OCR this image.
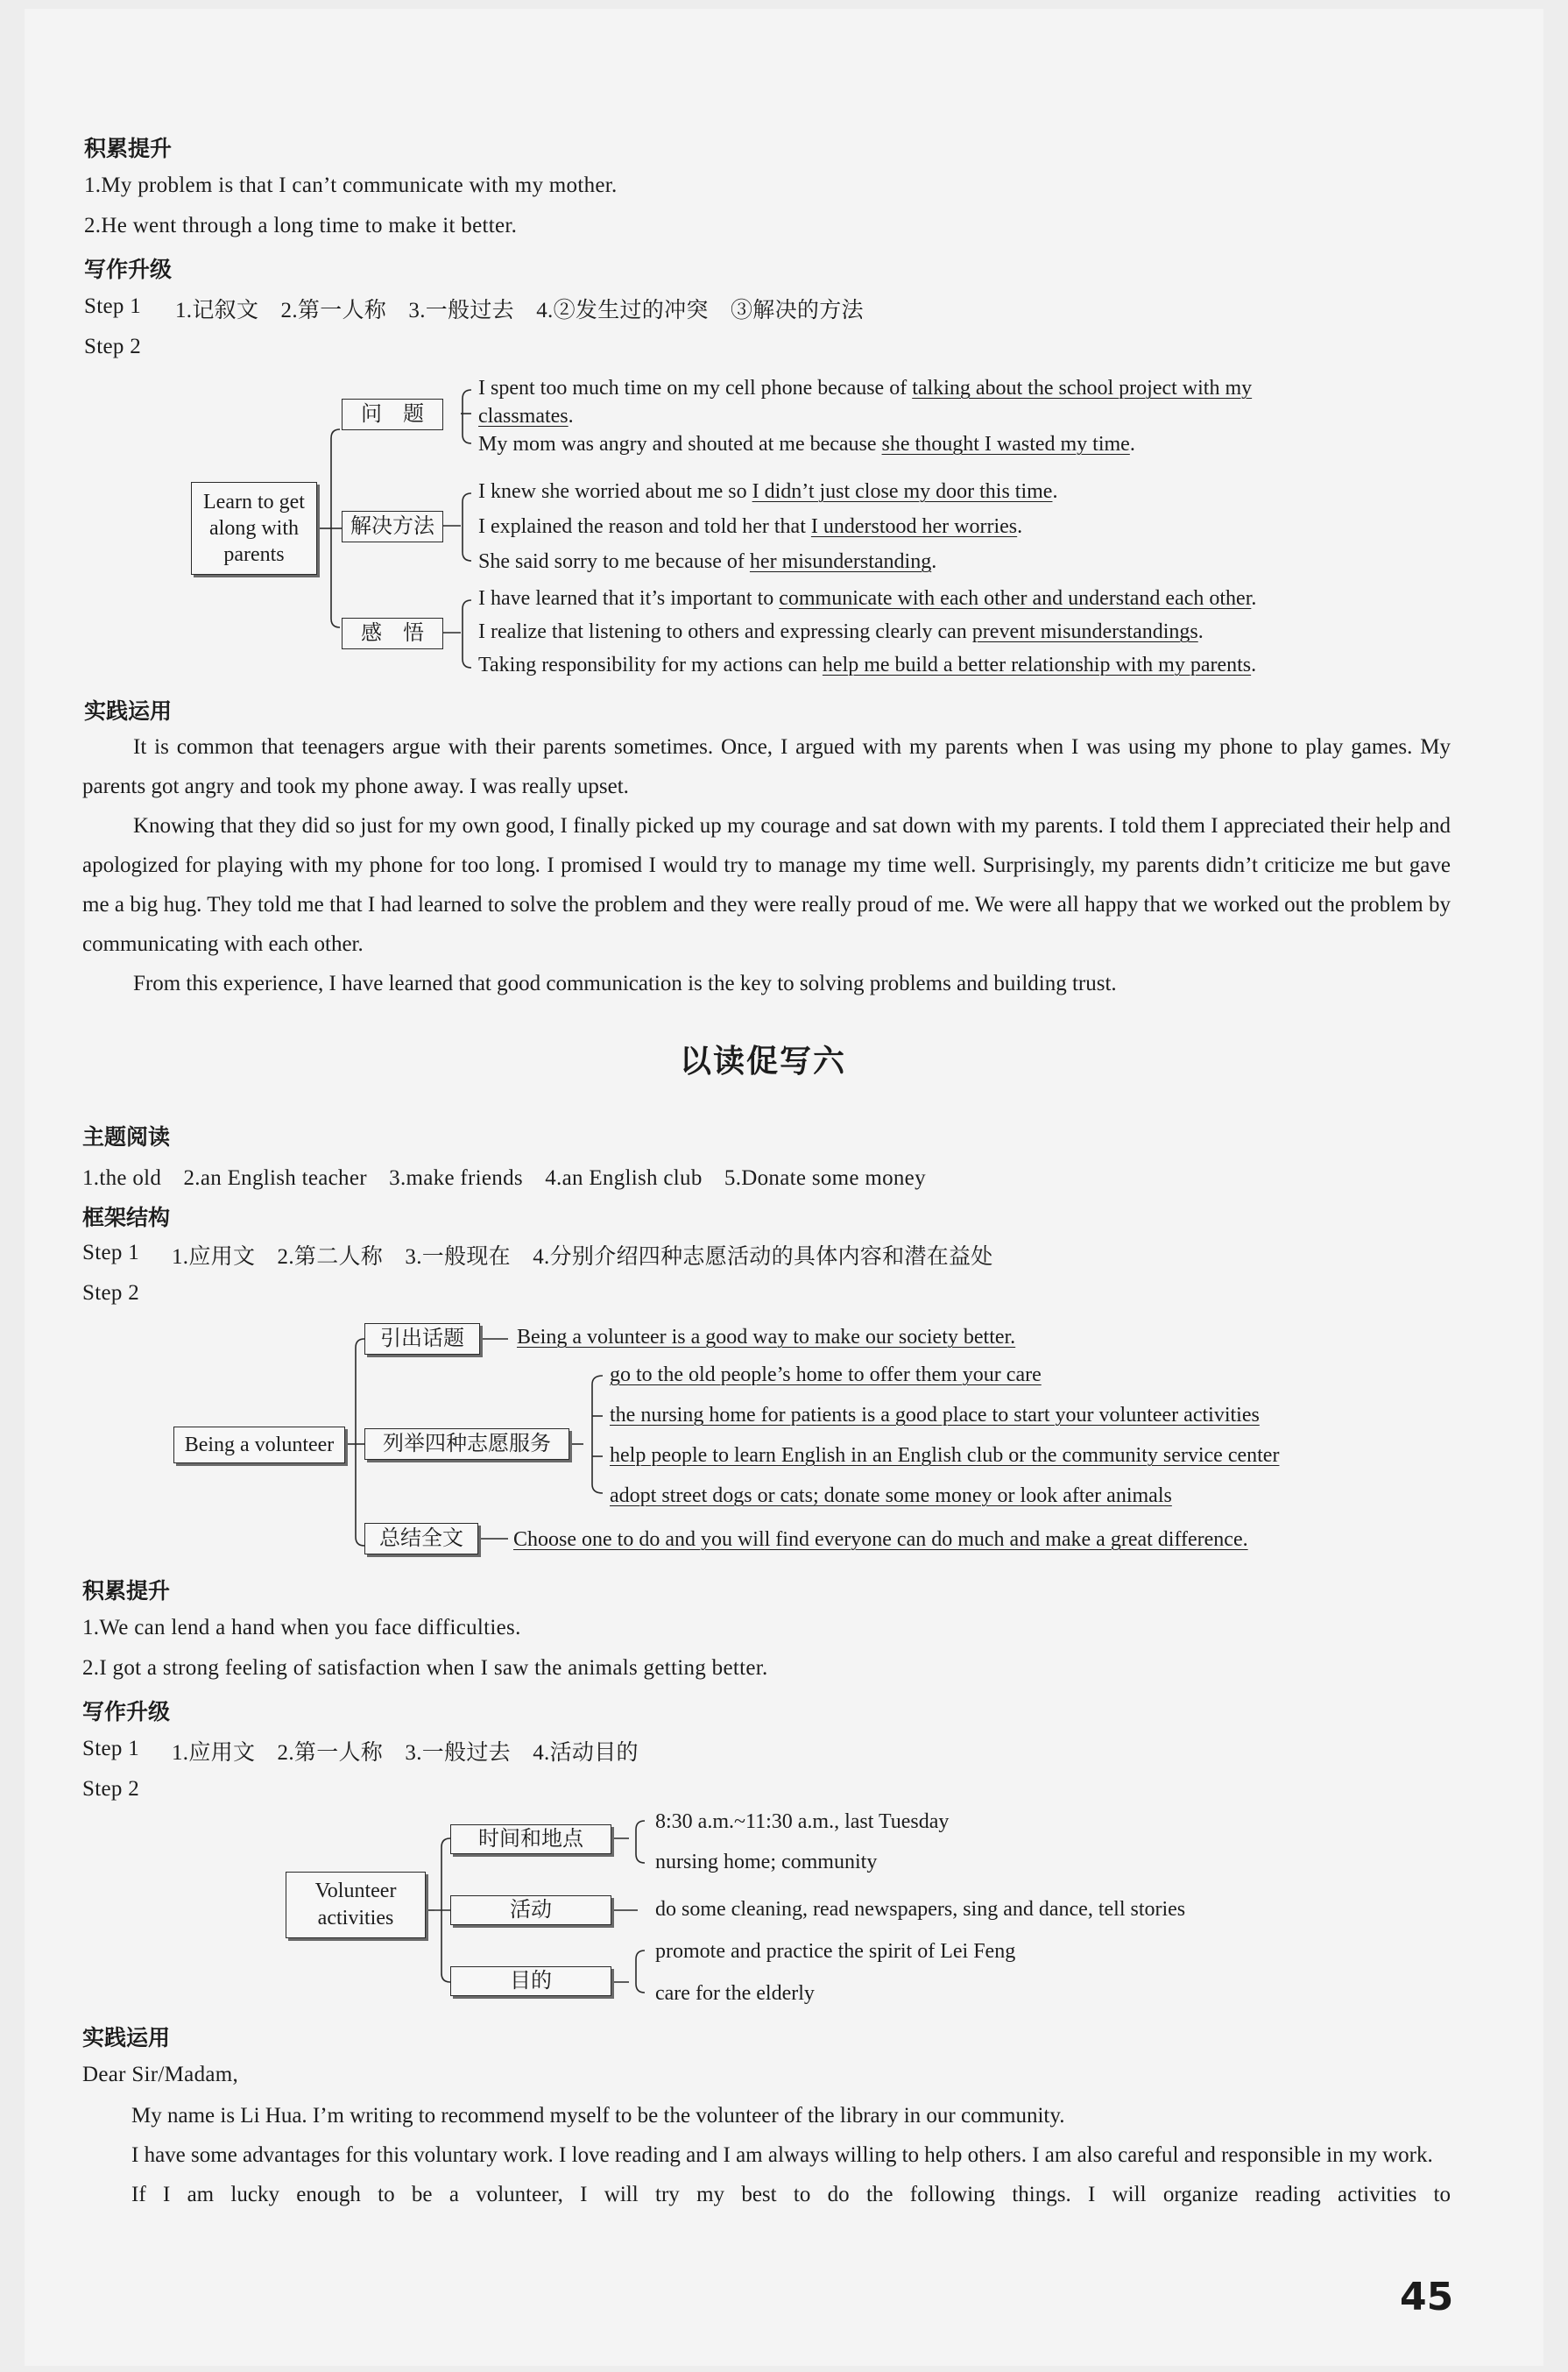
积累提升
1.My problem is that I can’t communicate with my mother.
2.He went through a long time to make it better.
写作升级
Step 1 1.记叙文　2.第一人称　3.一般过去　4.②发生过的冲突　③解决的方法
Step 2
Learn to get along with parents
问　题
解决方法
感　悟
I spent too much time on my cell phone because of talking about the school project with my
classmates.
My mom was angry and shouted at me because she thought I wasted my time.
I knew she worried about me so I didn’t just close my door this time.
I explained the reason and told her that I understood her worries.
She said sorry to me because of her misunderstanding.
I have learned that it’s important to communicate with each other and understand each other.
I realize that listening to others and expressing clearly can prevent misunderstandings.
Taking responsibility for my actions can help me build a better relationship with my parents.
实践运用

It is common that teenagers argue with their parents sometimes. Once, I argued with my parents when I was using my phone to play games. My parents got angry and took my phone away. I was really upset.

Knowing that they did so just for my own good, I finally picked up my courage and sat down with my parents. I told them I appreciated their help and apologized for playing with my phone for too long. I promised I would try to manage my time well. Surprisingly, my parents didn’t criticize me but gave me a big hug. They told me that I had learned to solve the problem and they were really proud of me. We were all happy that we worked out the problem by communicating with each other.

From this experience, I have learned that good communication is the key to solving problems and building trust.

以读促写六
主题阅读
1.the old　2.an English teacher　3.make friends　4.an English club　5.Donate some money
框架结构
Step 1 1.应用文　2.第二人称　3.一般现在　4.分别介绍四种志愿活动的具体内容和潜在益处
Step 2
Being a volunteer
引出话题
列举四种志愿服务
总结全文
Being a volunteer is a good way to make our society better.
go to the old people’s home to offer them your care
the nursing home for patients is a good place to start your volunteer activities
help people to learn English in an English club or the community service center
adopt street dogs or cats; donate some money or look after animals
Choose one to do and you will find everyone can do much and make a great difference.
积累提升
1.We can lend a hand when you face difficulties.
2.I got a strong feeling of satisfaction when I saw the animals getting better.
写作升级
Step 1 1.应用文　2.第一人称　3.一般过去　4.活动目的
Step 2
Volunteer activities
时间和地点
活动
目的
8:30 a.m.~11:30 a.m., last Tuesday
nursing home; community
do some cleaning, read newspapers, sing and dance, tell stories
promote and practice the spirit of Lei Feng
care for the elderly
实践运用
Dear Sir/Madam,

My name is Li Hua. I’m writing to recommend myself to be the volunteer of the library in our community.

I have some advantages for this voluntary work. I love reading and I am always willing to help others. I am also careful and responsible in my work.

If I am lucky enough to be a volunteer, I will try my best to do the following things. I will organize reading activities to

45
